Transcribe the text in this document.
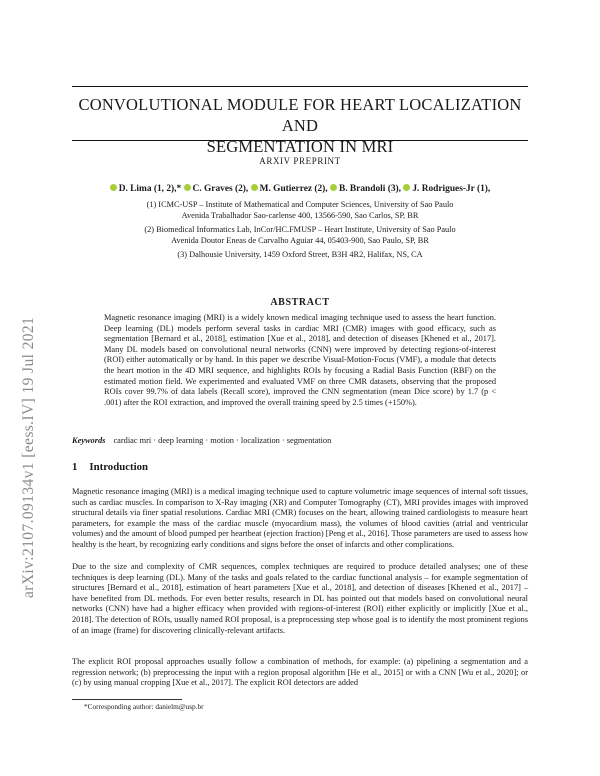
CONVOLUTIONAL MODULE FOR HEART LOCALIZATION AND
SEGMENTATION IN MRI
ARXIV PREPRINT
D. Lima (1, 2),* C. Graves (2), M. Gutierrez (2), B. Brandoli (3), J. Rodrigues-Jr (1),
(1) ICMC-USP – Institute of Mathematical and Computer Sciences, University of Sao Paulo
Avenida Trabalhador Sao-carlense 400, 13566-590, Sao Carlos, SP, BR
(2) Biomedical Informatics Lab, InCor/HC.FMUSP – Heart Institute, University of Sao Paulo
Avenida Doutor Eneas de Carvalho Aguiar 44, 05403-900, Sao Paulo, SP, BR
(3) Dalhousie University, 1459 Oxford Street, B3H 4R2, Halifax, NS, CA
arXiv:2107.09134v1 [eess.IV] 19 Jul 2021
ABSTRACT

Magnetic resonance imaging (MRI) is a widely known medical imaging technique used to assess the heart function. Deep learning (DL) models perform several tasks in cardiac MRI (CMR) images with good efficacy, such as segmentation [Bernard et al., 2018], estimation [Xue et al., 2018], and detection of diseases [Khened et al., 2017]. Many DL models based on convolutional neural networks (CNN) were improved by detecting regions-of-interest (ROI) either automatically or by hand. In this paper we describe Visual-Motion-Focus (VMF), a module that detects the heart motion in the 4D MRI sequence, and highlights ROIs by focusing a Radial Basis Function (RBF) on the estimated motion field. We experimented and evaluated VMF on three CMR datasets, observing that the proposed ROIs cover 99.7% of data labels (Recall score), improved the CNN segmentation (mean Dice score) by 1.7 (p < .001) after the ROI extraction, and improved the overall training speed by 2.5 times (+150%).

Keywords cardiac mri · deep learning · motion · localization · segmentation
1 Introduction

Magnetic resonance imaging (MRI) is a medical imaging technique used to capture volumetric image sequences of internal soft tissues, such as cardiac muscles. In comparison to X-Ray imaging (XR) and Computer Tomography (CT), MRI provides images with improved structural details via finer spatial resolutions. Cardiac MRI (CMR) focuses on the heart, allowing trained cardiologists to measure heart parameters, for example the mass of the cardiac muscle (myocardium mass), the volumes of blood cavities (atrial and ventricular volumes) and the amount of blood pumped per heartbeat (ejection fraction) [Peng et al., 2016]. Those parameters are used to assess how healthy is the heart, by recognizing early conditions and signs before the onset of infarcts and other complications.

Due to the size and complexity of CMR sequences, complex techniques are required to produce detailed analyses; one of these techniques is deep learning (DL). Many of the tasks and goals related to the cardiac functional analysis – for example segmentation of structures [Bernard et al., 2018], estimation of heart parameters [Xue et al., 2018], and detection of diseases [Khened et al., 2017] – have benefited from DL methods. For even better results, research in DL has pointed out that models based on convolutional neural networks (CNN) have had a higher efficacy when provided with regions-of-interest (ROI) either explicitly or implicitly [Xue et al., 2018]. The detection of ROIs, usually named ROI proposal, is a preprocessing step whose goal is to identify the most prominent regions of an image (frame) for discovering clinically-relevant artifacts.

The explicit ROI proposal approaches usually follow a combination of methods, for example: (a) pipelining a segmentation and a regression network; (b) preprocessing the input with a region proposal algorithm [He et al., 2015] or with a CNN [Wu et al., 2020]; or (c) by using manual cropping [Xue et al., 2017]. The explicit ROI detectors are added

*Corresponding author: danielm@usp.br
